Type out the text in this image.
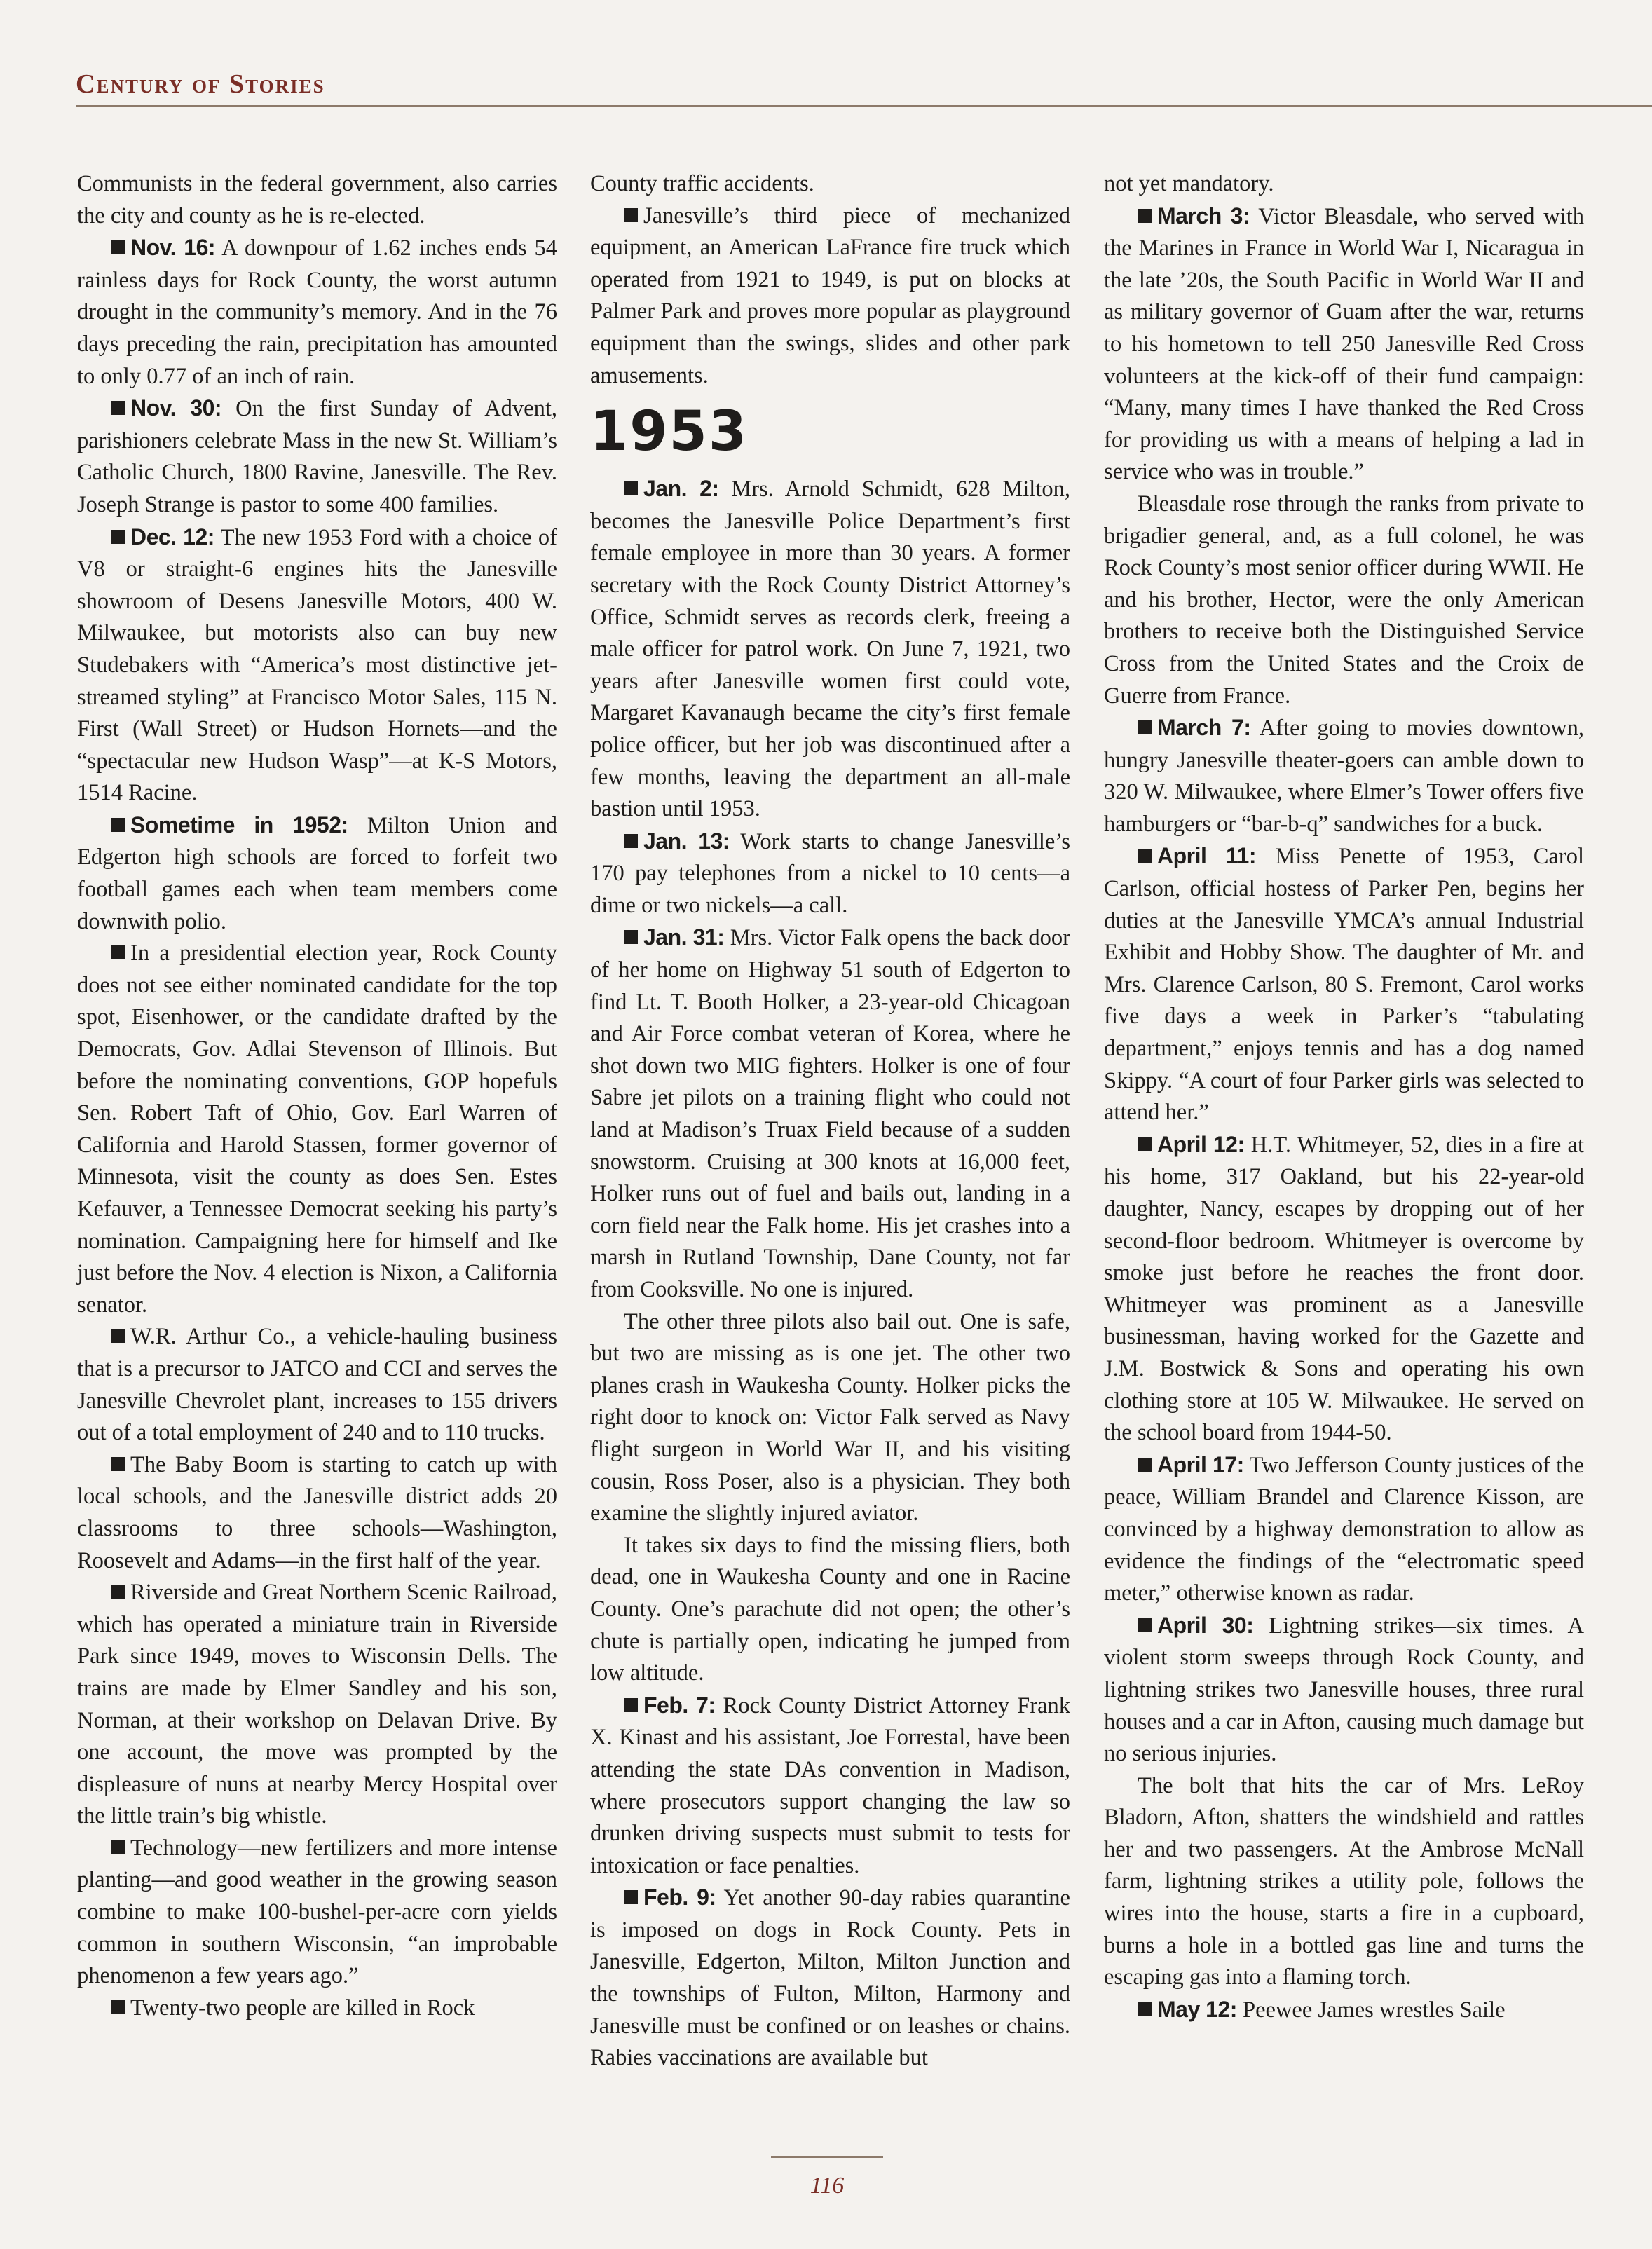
Century of Stories

Communists in the federal government, also carries the city and county as he is re-elected.

Nov. 16: A downpour of 1.62 inches ends 54 rainless days for Rock County, the worst autumn drought in the community’s memory. And in the 76 days preceding the rain, precipitation has amounted to only 0.77 of an inch of rain.

Nov. 30: On the first Sunday of Advent, parishioners celebrate Mass in the new St. William’s Catholic Church, 1800 Ravine, Janesville. The Rev. Joseph Strange is pastor to some 400 families.

Dec. 12: The new 1953 Ford with a choice of V8 or straight-6 engines hits the Janesville showroom of Desens Janesville Motors, 400 W. Milwaukee, but motorists also can buy new Studebakers with “America’s most distinctive jet-streamed styling” at Francisco Motor Sales, 115 N. First (Wall Street) or Hudson Hornets—and the “spectacular new Hudson Wasp”—at K-S Motors, 1514 Racine.

Sometime in 1952: Milton Union and Edgerton high schools are forced to forfeit two football games each when team members come downwith polio.

In a presidential election year, Rock County does not see either nominated candidate for the top spot, Eisenhower, or the candidate drafted by the Democrats, Gov. Adlai Stevenson of Illinois. But before the nominating conventions, GOP hopefuls Sen. Robert Taft of Ohio, Gov. Earl Warren of California and Harold Stassen, former governor of Minnesota, visit the county as does Sen. Estes Kefauver, a Tennessee Democrat seeking his party’s nomination. Campaigning here for himself and Ike just before the Nov. 4 election is Nixon, a California senator.

W.R. Arthur Co., a vehicle-hauling business that is a precursor to JATCO and CCI and serves the Janesville Chevrolet plant, increases to 155 drivers out of a total employment of 240 and to 110 trucks.

The Baby Boom is starting to catch up with local schools, and the Janesville district adds 20 classrooms to three schools—Washington, Roosevelt and Adams—in the first half of the year.

Riverside and Great Northern Scenic Railroad, which has operated a miniature train in Riverside Park since 1949, moves to Wisconsin Dells. The trains are made by Elmer Sandley and his son, Norman, at their workshop on Delavan Drive. By one account, the move was prompted by the displeasure of nuns at nearby Mercy Hospital over the little train’s big whistle.

Technology—new fertilizers and more intense planting—and good weather in the growing season combine to make 100-bushel-per-acre corn yields common in southern Wisconsin, “an improbable phenomenon a few years ago.”

Twenty-two people are killed in Rock

County traffic accidents.

Janesville’s third piece of mechanized equipment, an American LaFrance fire truck which operated from 1921 to 1949, is put on blocks at Palmer Park and proves more popular as playground equipment than the swings, slides and other park amusements.

1953

Jan. 2: Mrs. Arnold Schmidt, 628 Milton, becomes the Janesville Police Department’s first female employee in more than 30 years. A former secretary with the Rock County District Attorney’s Office, Schmidt serves as records clerk, freeing a male officer for patrol work. On June 7, 1921, two years after Janesville women first could vote, Margaret Kavanaugh became the city’s first female police officer, but her job was discontinued after a few months, leaving the department an all-male bastion until 1953.

Jan. 13: Work starts to change Janesville’s 170 pay telephones from a nickel to 10 cents—a dime or two nickels—a call.

Jan. 31: Mrs. Victor Falk opens the back door of her home on Highway 51 south of Edgerton to find Lt. T. Booth Holker, a 23-year-old Chicagoan and Air Force combat veteran of Korea, where he shot down two MIG fighters. Holker is one of four Sabre jet pilots on a training flight who could not land at Madison’s Truax Field because of a sudden snowstorm. Cruising at 300 knots at 16,000 feet, Holker runs out of fuel and bails out, landing in a corn field near the Falk home. His jet crashes into a marsh in Rutland Township, Dane County, not far from Cooksville. No one is injured.

The other three pilots also bail out. One is safe, but two are missing as is one jet. The other two planes crash in Waukesha County. Holker picks the right door to knock on: Victor Falk served as Navy flight surgeon in World War II, and his visiting cousin, Ross Poser, also is a physician. They both examine the slightly injured aviator.

It takes six days to find the missing fliers, both dead, one in Waukesha County and one in Racine County. One’s parachute did not open; the other’s chute is partially open, indicating he jumped from low altitude.

Feb. 7: Rock County District Attorney Frank X. Kinast and his assistant, Joe Forrestal, have been attending the state DAs convention in Madison, where prosecutors support changing the law so drunken driving suspects must submit to tests for intoxication or face penalties.

Feb. 9: Yet another 90-day rabies quarantine is imposed on dogs in Rock County. Pets in Janesville, Edgerton, Milton, Milton Junction and the townships of Fulton, Milton, Harmony and Janesville must be confined or on leashes or chains. Rabies vaccinations are available but

not yet mandatory.

March 3: Victor Bleasdale, who served with the Marines in France in World War I, Nicaragua in the late ’20s, the South Pacific in World War II and as military governor of Guam after the war, returns to his hometown to tell 250 Janesville Red Cross volunteers at the kick-off of their fund campaign: “Many, many times I have thanked the Red Cross for providing us with a means of helping a lad in service who was in trouble.”

Bleasdale rose through the ranks from private to brigadier general, and, as a full colonel, he was Rock County’s most senior officer during WWII. He and his brother, Hector, were the only American brothers to receive both the Distinguished Service Cross from the United States and the Croix de Guerre from France.

March 7: After going to movies downtown, hungry Janesville theater-goers can amble down to 320 W. Milwaukee, where Elmer’s Tower offers five hamburgers or “bar-b-q” sandwiches for a buck.

April 11: Miss Penette of 1953, Carol Carlson, official hostess of Parker Pen, begins her duties at the Janesville YMCA’s annual Industrial Exhibit and Hobby Show. The daughter of Mr. and Mrs. Clarence Carlson, 80 S. Fremont, Carol works five days a week in Parker’s “tabulating department,” enjoys tennis and has a dog named Skippy. “A court of four Parker girls was selected to attend her.”

April 12: H.T. Whitmeyer, 52, dies in a fire at his home, 317 Oakland, but his 22-year-old daughter, Nancy, escapes by dropping out of her second-floor bedroom. Whitmeyer is overcome by smoke just before he reaches the front door. Whitmeyer was prominent as a Janesville businessman, having worked for the Gazette and J.M. Bostwick & Sons and operating his own clothing store at 105 W. Milwaukee. He served on the school board from 1944-50.

April 17: Two Jefferson County justices of the peace, William Brandel and Clarence Kisson, are convinced by a highway demonstration to allow as evidence the findings of the “electromatic speed meter,” otherwise known as radar.

April 30: Lightning strikes—six times. A violent storm sweeps through Rock County, and lightning strikes two Janesville houses, three rural houses and a car in Afton, causing much damage but no serious injuries.

The bolt that hits the car of Mrs. LeRoy Bladorn, Afton, shatters the windshield and rattles her and two passengers. At the Ambrose McNall farm, lightning strikes a utility pole, follows the wires into the house, starts a fire in a cupboard, burns a hole in a bottled gas line and turns the escaping gas into a flaming torch.

May 12: Peewee James wrestles Saile

116
